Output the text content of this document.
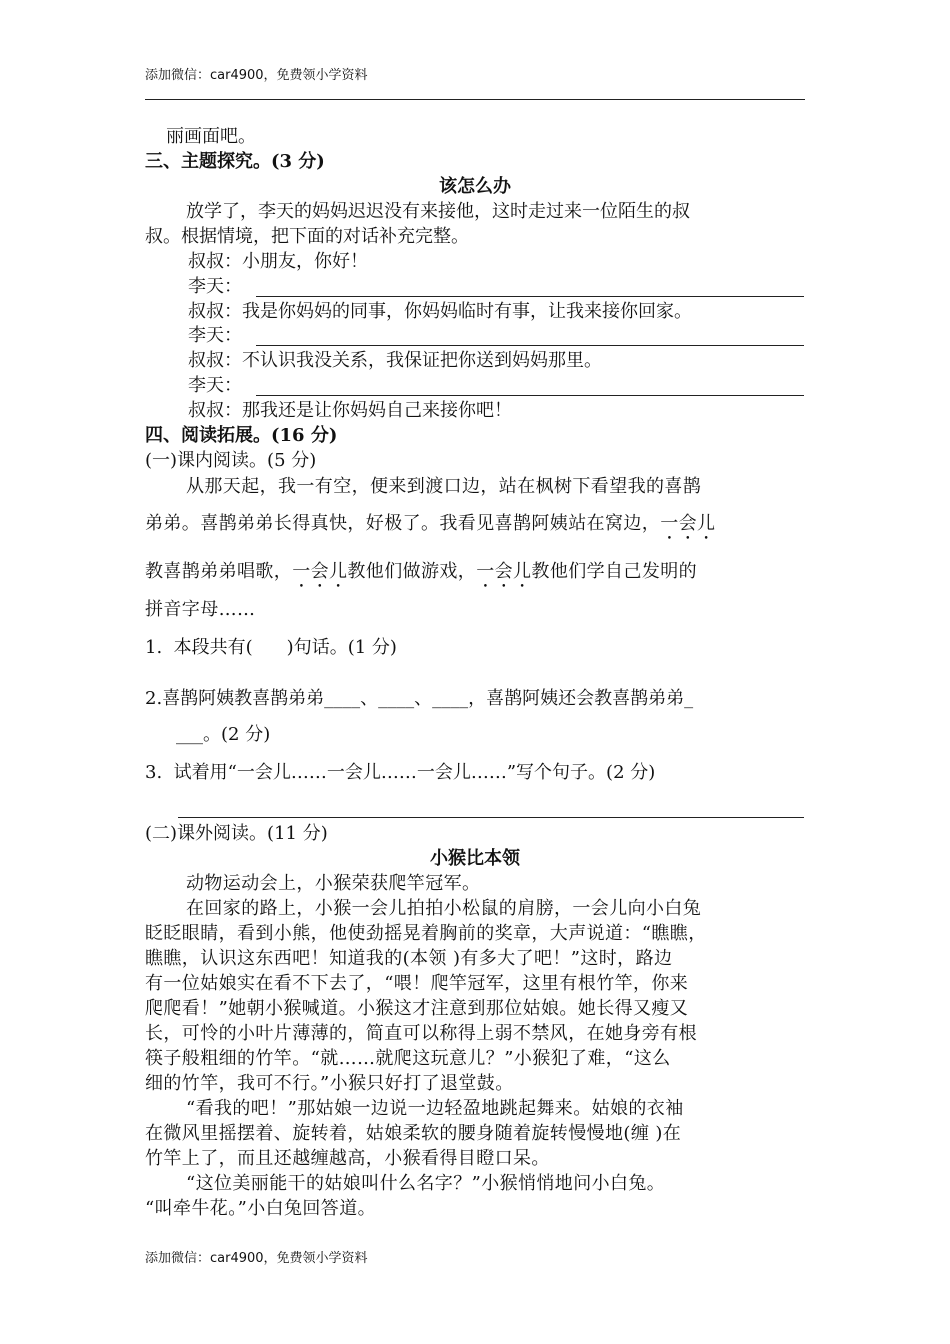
添加微信：car4900，免费领小学资料
丽画面吧。
三、主题探究。(3 分)
该怎么办
放学了，李天的妈妈迟迟没有来接他，这时走过来一位陌生的叔
叔。根据情境，把下面的对话补充完整。
叔叔：小朋友，你好！
李天：
叔叔：我是你妈妈的同事，你妈妈临时有事，让我来接你回家。
李天：
叔叔：不认识我没关系，我保证把你送到妈妈那里。
李天：
叔叔：那我还是让你妈妈自己来接你吧！
四、阅读拓展。(16 分)
(一)课内阅读。(5 分)
从那天起，我一有空，便来到渡口边，站在枫树下看望我的喜鹊
弟弟。喜鹊弟弟长得真快，好极了。我看见喜鹊阿姨站在窝边，一会儿
教喜鹊弟弟唱歌，一会儿教他们做游戏，一会儿教他们学自己发明的
拼音字母……
1. 本段共有( )句话。(1 分)
2.喜鹊阿姨教喜鹊弟弟____、____、____，喜鹊阿姨还会教喜鹊弟弟_
___。(2 分)
3. 试着用“一会儿……一会儿……一会儿……”写个句子。(2 分)
(二)课外阅读。(11 分)
小猴比本领
动物运动会上，小猴荣获爬竿冠军。
在回家的路上，小猴一会儿拍拍小松鼠的肩膀，一会儿向小白兔
眨眨眼睛，看到小熊，他使劲摇晃着胸前的奖章，大声说道：“瞧瞧，
瞧瞧，认识这东西吧！知道我的(本领 )有多大了吧！”这时，路边
有一位姑娘实在看不下去了，“喂！爬竿冠军，这里有根竹竿，你来
爬爬看！”她朝小猴喊道。小猴这才注意到那位姑娘。她长得又瘦又
长，可怜的小叶片薄薄的，简直可以称得上弱不禁风，在她身旁有根
筷子般粗细的竹竿。“就……就爬这玩意儿？”小猴犯了难，“这么
细的竹竿，我可不行。”小猴只好打了退堂鼓。
“看我的吧！”那姑娘一边说一边轻盈地跳起舞来。姑娘的衣袖
在微风里摇摆着、旋转着，姑娘柔软的腰身随着旋转慢慢地(缠 )在
竹竿上了，而且还越缠越高，小猴看得目瞪口呆。
“这位美丽能干的姑娘叫什么名字？”小猴悄悄地问小白兔。
“叫牵牛花。”小白兔回答道。
添加微信：car4900，免费领小学资料
